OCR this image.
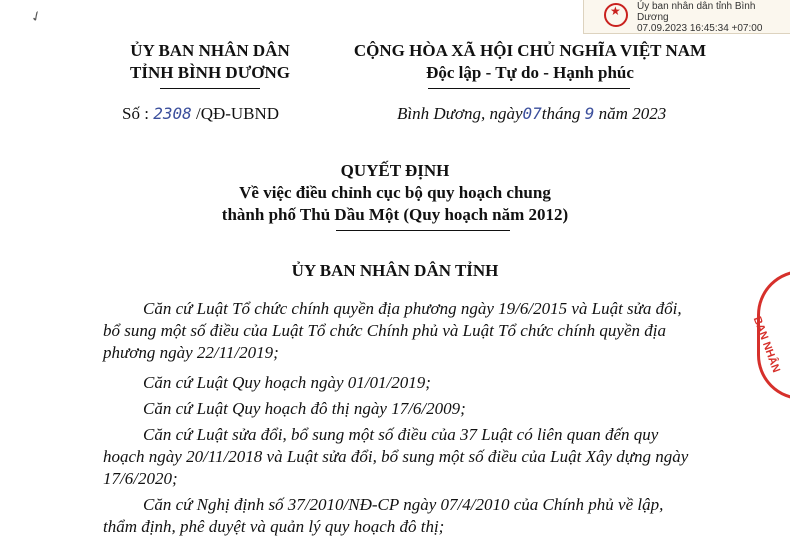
★
Ủy ban nhân dân tỉnh Bình
Dương
07.09.2023 16:45:34 +07:00
✓
ỦY BAN NHÂN DÂN
TỈNH BÌNH DƯƠNG
CỘNG HÒA XÃ HỘI CHỦ NGHĨA VIỆT NAM
Độc lập - Tự do - Hạnh phúc
Số : 2308 /QĐ-UBND	Bình Dương, ngày07tháng 9 năm 2023
QUYẾT ĐỊNH
Về việc điều chỉnh cục bộ quy hoạch chung
thành phố Thủ Dầu Một (Quy hoạch năm 2012)
ỦY BAN NHÂN DÂN TỈNH
Căn cứ Luật Tổ chức chính quyền địa phương ngày 19/6/2015 và Luật sửa đổi,
bổ sung một số điều của Luật Tổ chức Chính phủ và Luật Tổ chức chính quyền địa
phương ngày 22/11/2019;
Căn cứ Luật Quy hoạch ngày 01/01/2019;
Căn cứ Luật Quy hoạch đô thị ngày 17/6/2009;
Căn cứ Luật sửa đổi, bổ sung một số điều của 37 Luật có liên quan đến quy
hoạch ngày 20/11/2018 và Luật sửa đổi, bổ sung một số điều của Luật Xây dựng ngày
17/6/2020;
Căn cứ Nghị định số 37/2010/NĐ-CP ngày 07/4/2010 của Chính phủ về lập,
thẩm định, phê duyệt và quản lý quy hoạch đô thị;
BAN NHÂN
